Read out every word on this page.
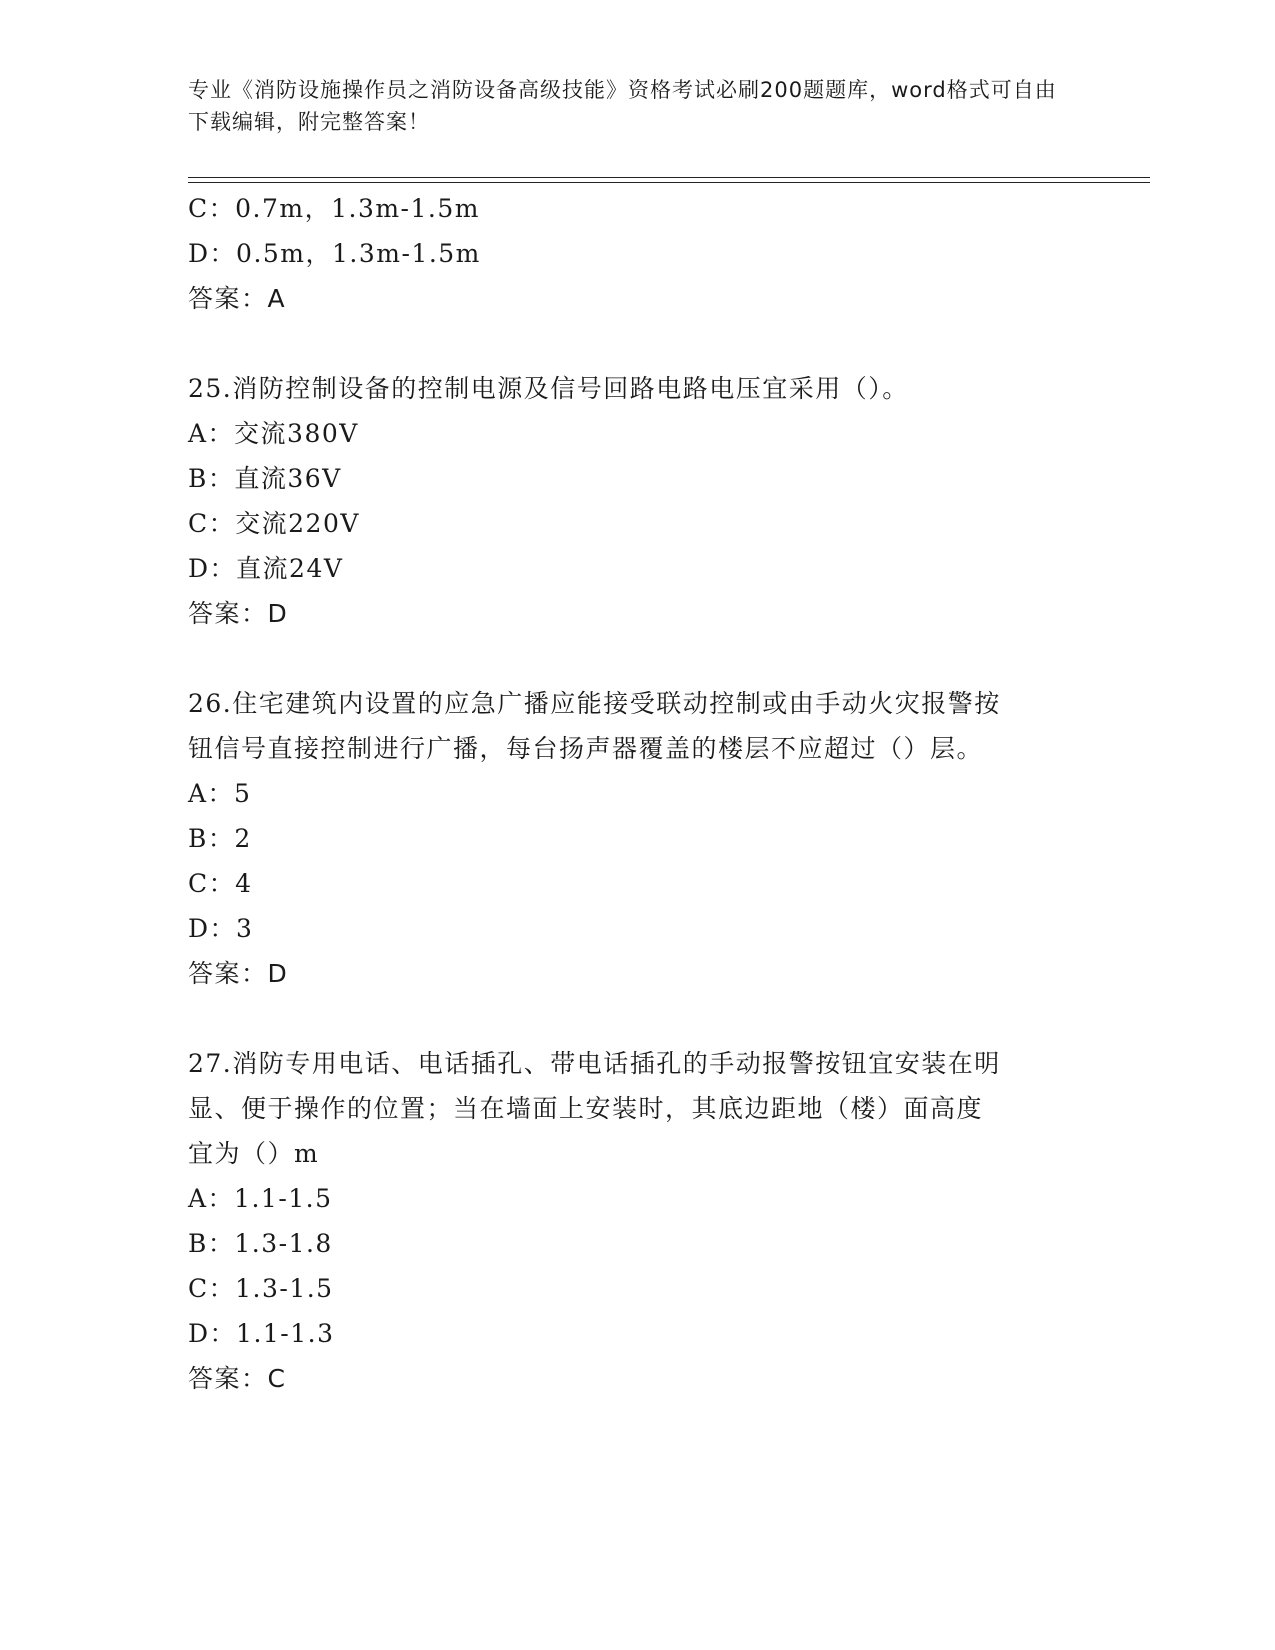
专业《消防设施操作员之消防设备高级技能》资格考试必刷200题题库，word格式可自由下载编辑，附完整答案！
C：0.7m，1.3m-1.5m
D：0.5m，1.3m-1.5m
答案：A
25.消防控制设备的控制电源及信号回路电路电压宜采用（）。
A：交流380V
B：直流36V
C：交流220V
D：直流24V
答案：D
26.住宅建筑内设置的应急广播应能接受联动控制或由手动火灾报警按
钮信号直接控制进行广播，每台扬声器覆盖的楼层不应超过（）层。
A：5
B：2
C：4
D：3
答案：D
27.消防专用电话、电话插孔、带电话插孔的手动报警按钮宜安装在明
显、便于操作的位置；当在墙面上安装时，其底边距地（楼）面高度
宜为（）m
A：1.1-1.5
B：1.3-1.8
C：1.3-1.5
D：1.1-1.3
答案：C
